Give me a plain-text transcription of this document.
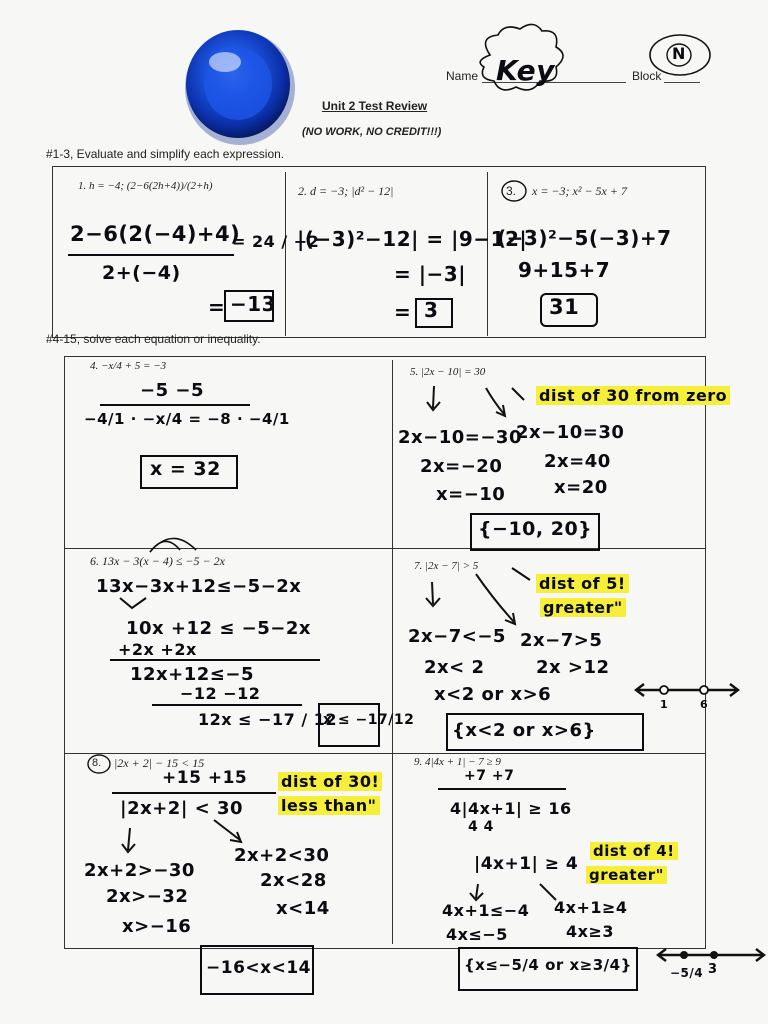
Name Key	Block
N
Unit 2 Test Review
(NO WORK, NO CREDIT!!!)
#1-3, Evaluate and simplify each expression.
1. h = −4; (2−6(2h+4))/(2+h)
2−6(2(−4)+4)
2+(−4)
= 24 / −2
= −13
2. d = −3; |d² − 12|
|(−3)²−12| = |9−12|
= |−3|
= 3
3. x = −3; x² − 5x + 7
(−3)²−5(−3)+7
9+15+7
31
#4-15, solve each equation or inequality.
4. −x/4 + 5 = −3
−5 −5
−4/1 · −x/4 = −8 · −4/1
x = 32
5. |2x − 10| = 30
dist of 30 from zero
2x−10=−30
2x=−20
x=−10
2x−10=30
2x=40
x=20
{−10, 20}
6. 13x − 3(x − 4) ≤ −5 − 2x
13x−3x+12≤−5−2x
10x +12 ≤ −5−2x
+2x +2x
12x+12≤−5
−12 −12
12x ≤ −17 / 12
x ≤ −17/12
7. |2x − 7| > 5
dist of 5!
greater"
2x−7<−5
2x< 2
2x−7>5
2x >12
x<2 or x>6	1	6
{x<2 or x>6}
8. |2x + 2| − 15 < 15
+15 +15
|2x+2| < 30
dist of 30!
less than"
2x+2>−30
2x>−32
x>−16
2x+2<30
2x<28
x<14
−16<x<14
9. 4|4x + 1| − 7 ≥ 9
+7 +7
4|4x+1| ≥ 16
4 4
|4x+1| ≥ 4
dist of 4!
greater"
4x+1≤−4
4x≤−5
4x+1≥4
4x≥3
{x≤−5/4 or x≥3/4}	−5/4 3
